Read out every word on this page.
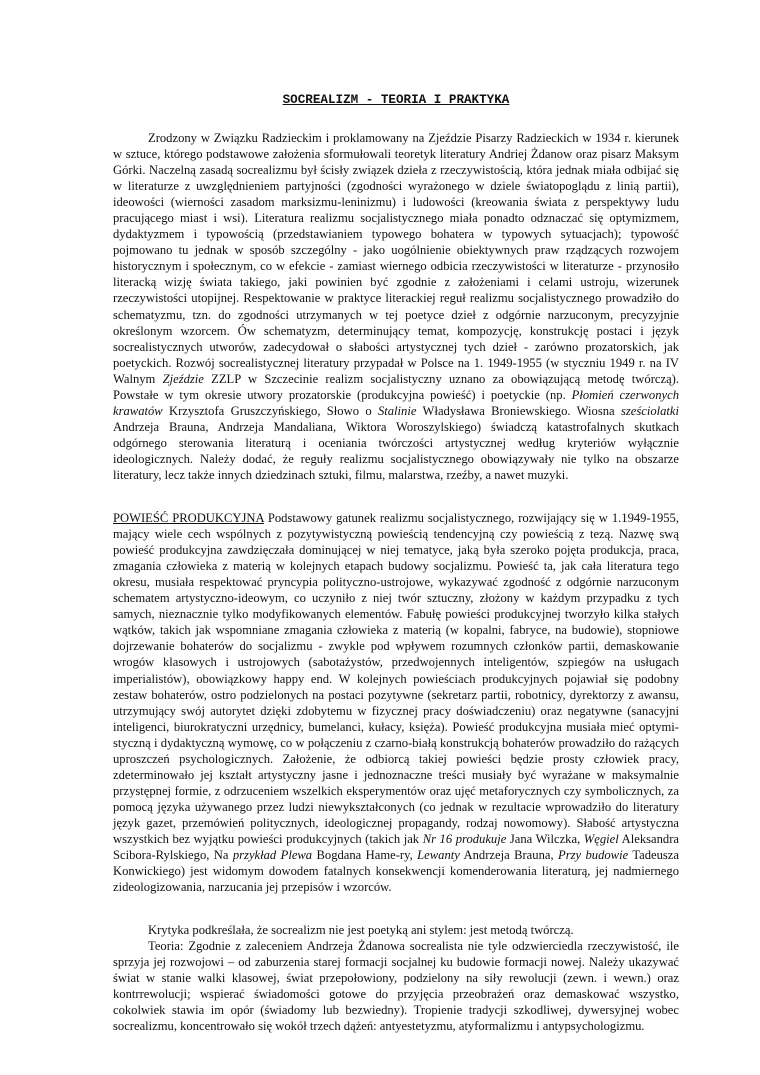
SOCREALIZM - TEORIA I PRAKTYKA

Zrodzony w Związku Radzieckim i proklamowany na Zjeździe Pisarzy Radzieckich w 1934 r. kierunek w sztuce, którego podstawowe założenia sformułowali teoretyk literatury Andriej Żdanow oraz pisarz Maksym Górki. Naczelną zasadą socrealizmu był ścisły związek dzieła z rzeczywistością, która jednak miała odbijać się w literaturze z uwzględnieniem partyjności (zgodności wyrażonego w dziele światopoglądu z linią partii), ideowości (wierności zasadom marksizmu-leninizmu) i ludowości (kreowania świata z perspektywy ludu pracującego miast i wsi). Literatura realizmu socjalistycznego miała ponadto odznaczać się optymizmem, dydaktyzmem i typowością (przedstawianiem typowego bohatera w typowych sytuacjach); typowość pojmowano tu jednak w sposób szczególny - jako uogólnienie obiektywnych praw rządzących rozwojem historycznym i społecznym, co w efekcie - zamiast wiernego odbicia rzeczywistości w literaturze - przynosiło literacką wizję świata takiego, jaki powinien być zgodnie z założeniami i celami ustroju, wizerunek rzeczywistości utopijnej. Respektowanie w praktyce literackiej reguł realizmu socjalistycznego prowadziło do schematyzmu, tzn. do zgodności utrzymanych w tej poetyce dzieł z odgórnie narzuconym, precyzyjnie określonym wzorcem. Ów schematyzm, determinujący temat, kompozycję, konstrukcję postaci i język socrealistycznych utworów, zadecydował o słabości artystycznej tych dzieł - zarówno prozatorskich, jak poetyckich. Rozwój socrealistycznej literatury przypadał w Polsce na 1. 1949-1955 (w styczniu 1949 r. na IV Walnym Zjeździe ZZLP w Szczecinie realizm socjalistyczny uznano za obowiązującą metodę twórczą). Powstałe w tym okresie utwory prozatorskie (produkcyjna powieść) i poetyckie (np. Płomień czerwonych krawatów Krzysztofa Gruszczyńskiego, Słowo o Stalinie Władysława Broniewskiego. Wiosna sześciolatki Andrzeja Brauna, Andrzeja Mandaliana, Wiktora Woroszylskiego) świadczą katastrofalnych skutkach odgórnego sterowania literaturą i oceniania twórczości artystycznej według kryteriów wyłącznie ideologicznych. Należy dodać, że reguły realizmu socjalistycznego obowiązywały nie tylko na obszarze literatury, lecz także innych dziedzinach sztuki, filmu, malarstwa, rzeźby, a nawet muzyki.

POWIEŚĆ PRODUKCYJNA Podstawowy gatunek realizmu socjalistycznego, rozwijający się w 1.1949-1955, mający wiele cech wspólnych z pozytywistyczną powieścią tendencyjną czy powieścią z tezą. Nazwę swą powieść produkcyjna zawdzięczała dominującej w niej tematyce, jaką była szeroko pojęta produkcja, praca, zmagania człowieka z materią w kolejnych etapach budowy socjalizmu. Powieść ta, jak cała literatura tego okresu, musiała respektować pryncypia polityczno-ustrojowe, wykazywać zgodność z odgórnie narzuconym schematem artystyczno-ideowym, co uczyniło z niej twór sztuczny, złożony w każdym przypadku z tych samych, nieznacznie tylko modyfikowanych elementów. Fabułę powieści produkcyjnej tworzyło kilka stałych wątków, takich jak wspomniane zmagania człowieka z materią (w kopalni, fabryce, na budowie), stopniowe dojrzewanie bohaterów do socjalizmu - zwykle pod wpływem rozumnych członków partii, demaskowanie wrogów klasowych i ustrojowych (sabotażystów, przedwojennych inteligentów, szpiegów na usługach imperialistów), obowiązkowy happy end. W kolejnych powieściach produkcyjnych pojawiał się podobny zestaw bohaterów, ostro podzielonych na postaci pozytywne (sekretarz partii, robotnicy, dyrektorzy z awansu, utrzymujący swój autorytet dzięki zdobytemu w fizycznej pracy doświadczeniu) oraz negatywne (sanacyjni inteligenci, biurokratyczni urzędnicy, bumelanci, kułacy, księża). Powieść produkcyjna musiała mieć optymistyczną i dydaktyczną wymowę, co w połączeniu z czarno-białą konstrukcją bohaterów prowadziło do rażących uproszczeń psychologicznych. Założenie, że odbiorcą takiej powieści będzie prosty człowiek pracy, zdeterminowało jej kształt artystyczny jasne i jednoznaczne treści musiały być wyrażane w maksymalnie przystępnej formie, z odrzuceniem wszelkich eksperymentów oraz ujęć metaforycznych czy symbolicznych, za pomocą języka używanego przez ludzi niewykształconych (co jednak w rezultacie wprowadziło do literatury język gazet, przemówień politycznych, ideologicznej propagandy, rodzaj nowomowy). Słabość artystyczna wszystkich bez wyjątku powieści produkcyjnych (takich jak Nr 16 produkuje Jana Wilczka, Węgiel Aleksandra Scibora-Rylskiego, Na przykład Plewa Bogdana Hame-ry, Lewanty Andrzeja Brauna, Przy budowie Tadeusza Konwickiego) jest widomym dowodem fatalnych konsekwencji komenderowania literaturą, jej nadmiernego zideologizowania, narzucania jej przepisów i wzorców.

Krytyka podkreślała, że socrealizm nie jest poetyką ani stylem: jest metodą twórczą.

Teoria: Zgodnie z zaleceniem Andrzeja Żdanowa socrealista nie tyle odzwierciedla rzeczywistość, ile sprzyja jej rozwojowi – od zaburzenia starej formacji socjalnej ku budowie formacji nowej. Należy ukazywać świat w stanie walki klasowej, świat przepołowiony, podzielony na siły rewolucji (zewn. i wewn.) oraz kontrrewolucji; wspierać świadomości gotowe do przyjęcia przeobrażeń oraz demaskować wszystko, cokolwiek stawia im opór (świadomy lub bezwiedny). Tropienie tradycji szkodliwej, dywersyjnej wobec socrealizmu, koncentrowało się wokół trzech dążeń: antyestetyzmu, atyformalizmu i antypsychologizmu.
